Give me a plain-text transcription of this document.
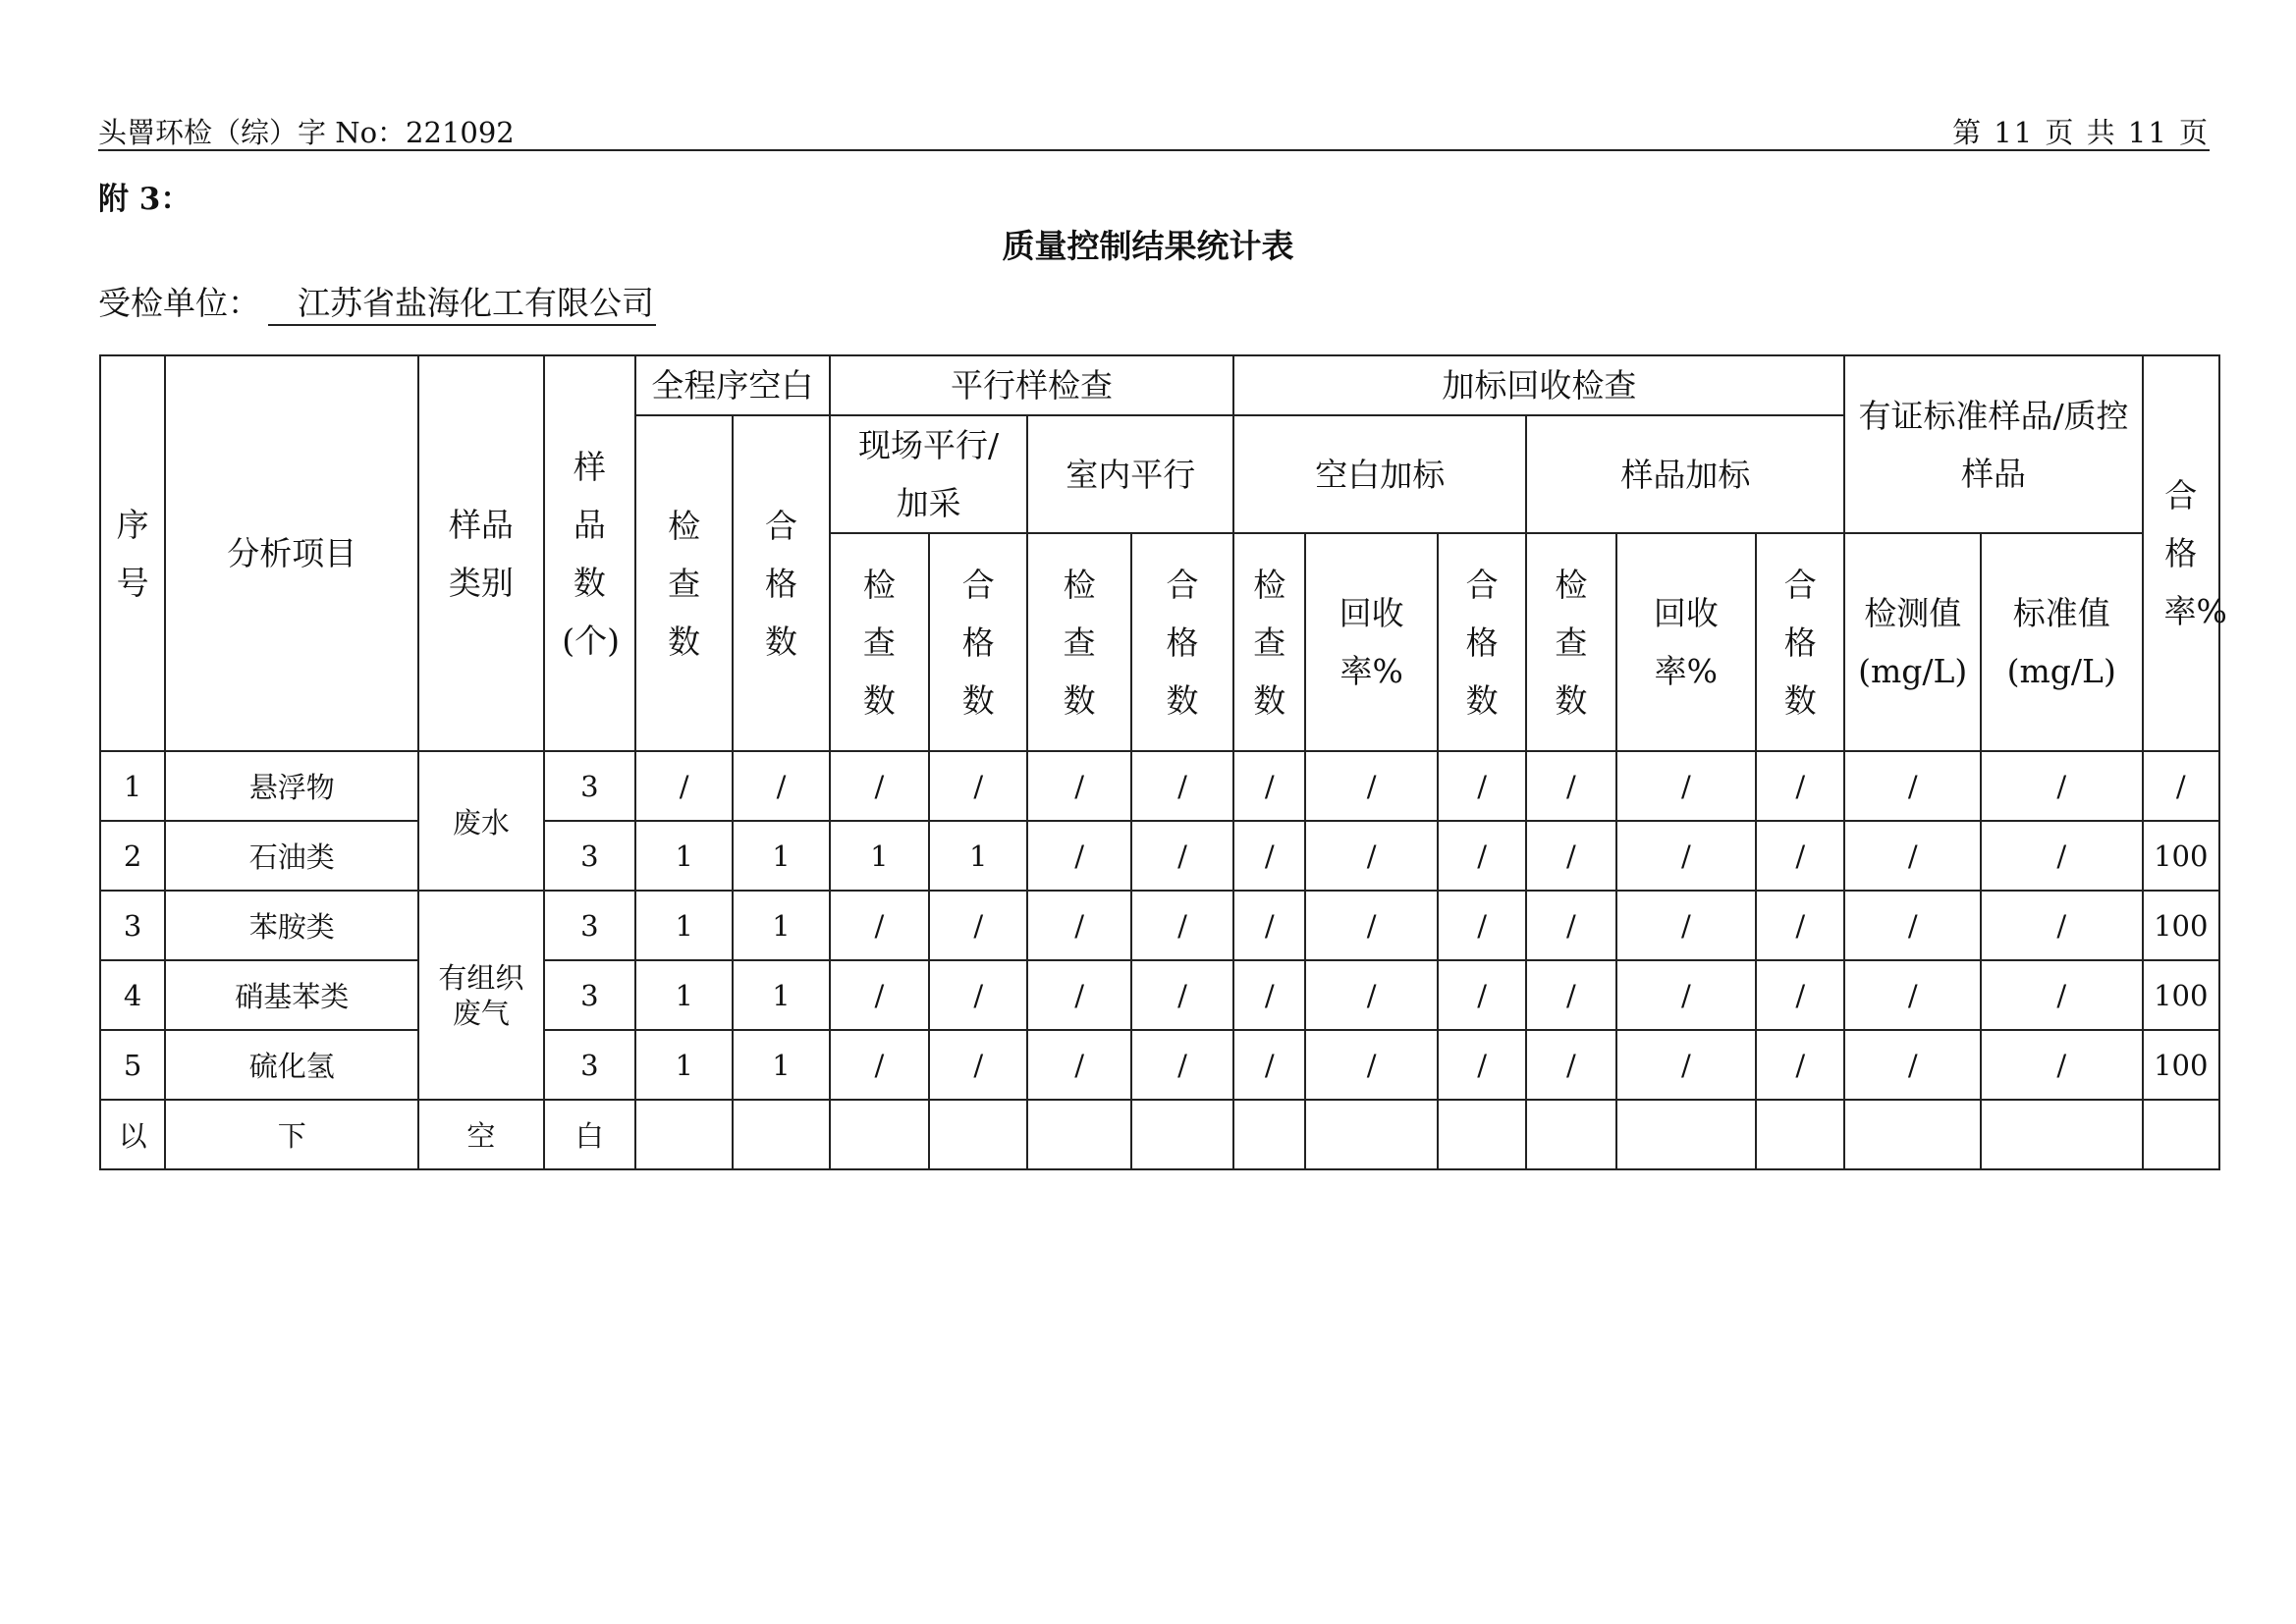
头罾环检（综）字 No：221092	第 11 页 共 11 页
附 3：
质量控制结果统计表
受检单位： 江苏省盐海化工有限公司
序号	分析项目	样品类别	样品数(个)	全程序空白		平行样检查				加标回收检查						有证标准样品/质控样品		合格率%
				检查数	合格数	现场平行/加采		室内平行		空白加标			样品加标					
						检查数	合格数	检查数	合格数	检查数	回收率%	合格数	检查数	回收率%	合格数	检测值(mg/L)	标准值(mg/L)	
1	悬浮物	废水	3	/	/	/	/	/	/	/	/	/	/	/	/	/	/	/
2	石油类		3	1	1	1	1	/	/	/	/	/	/	/	/	/	/	100
3	苯胺类	有组织废气	3	1	1	/	/	/	/	/	/	/	/	/	/	/	/	100
4	硝基苯类		3	1	1	/	/	/	/	/	/	/	/	/	/	/	/	100
5	硫化氢		3	1	1	/	/	/	/	/	/	/	/	/	/	/	/	100
以	下	空	白															
